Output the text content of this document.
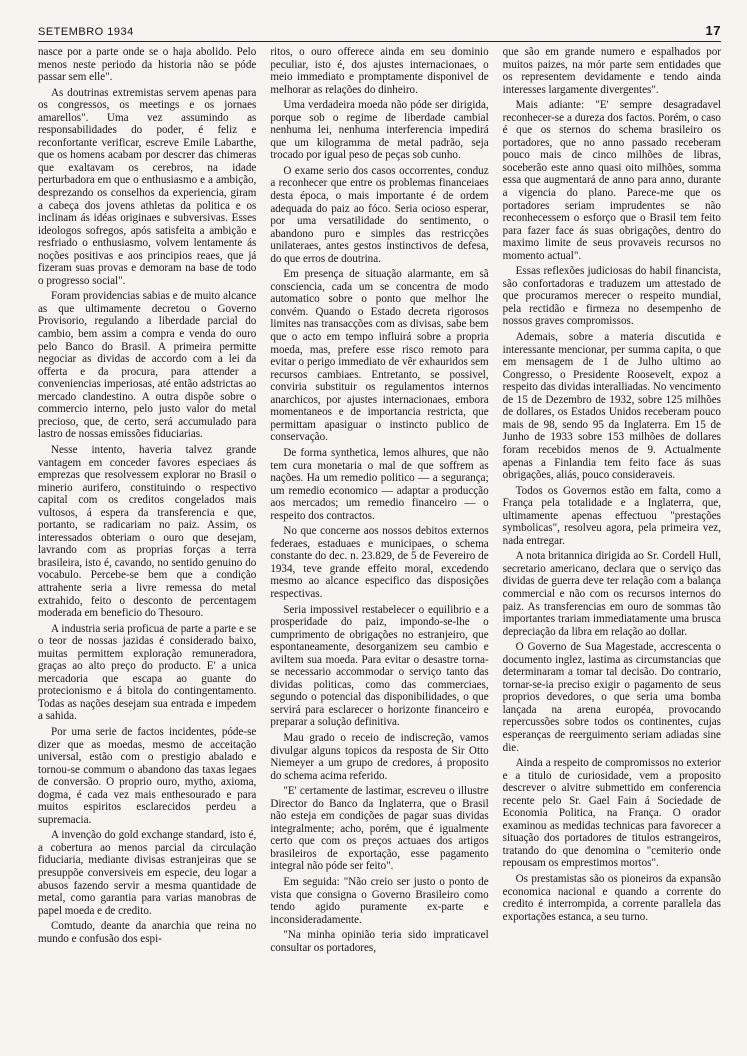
SETEMBRO 1934	17

nasce por a parte onde se o haja abolido. Pelo menos neste periodo da historia não se póde passar sem elle".

As doutrinas extremistas servem apenas para os congressos, os meetings e os jornaes amarellos". Uma vez assumindo as responsabilidades do poder, é feliz e reconfortante verificar, escreve Emile Labarthe, que os homens acabam por descrer das chimeras que exaltavam os cerebros, na idade perturbadora em que o enthusiasmo e a ambição, desprezando os conselhos da experiencia, giram a cabeça dos jovens athletas da politica e os inclinam ás idéas originaes e subversivas. Esses ideologos sofregos, após satisfeita a ambição e resfriado o enthusiasmo, volvem lentamente ás noções positivas e aos principios reaes, que já fizeram suas provas e demoram na base de todo o progresso social".

Foram providencias sabias e de muito alcance as que ultimamente decretou o Governo Provisorio, regulando a liberdade parcial do cambio, bem assim a compra e venda do ouro pelo Banco do Brasil. A primeira permitte negociar as dividas de accordo com a lei da offerta e da procura, para attender a conveniencias imperiosas, até então adstrictas ao mercado clandestino. A outra dispõe sobre o commercio interno, pelo justo valor do metal precioso, que, de certo, será accumulado para lastro de nossas emissões fiduciarias.

Nesse intento, haveria talvez grande vantagem em conceder favores especiaes ás emprezas que resolvessem explorar no Brasil o minerio aurifero, constituindo o respectivo capital com os creditos congelados mais vultosos, á espera da transferencia e que, portanto, se radicariam no paiz. Assim, os interessados obteriam o ouro que desejam, lavrando com as proprias forças a terra brasileira, isto é, cavando, no sentido genuino do vocabulo. Percebe-se bem que a condição attrahente seria a livre remessa do metal extrahido, feito o desconto de percentagem moderada em beneficio do Thesouro.

A industria seria proficua de parte a parte e se o teor de nossas jazidas é considerado baixo, muitas permittem exploração remuneradora, graças ao alto preço do producto. E' a unica mercadoria que escapa ao guante do protecionismo e á bitola do contingentamento. Todas as nações desejam sua entrada e impedem a sahida.

Por uma serie de factos incidentes, póde-se dizer que as moedas, mesmo de acceitação universal, estão com o prestigio abalado e tornou-se commum o abandono das taxas legaes de conversão. O proprio ouro, mytho, axioma, dogma, é cada vez mais enthesourado e para muitos espiritos esclarecidos perdeu a supremacia.

A invenção do gold exchange standard, isto é, a cobertura ao menos parcial da circulação fiduciaria, mediante divisas estranjeiras que se presuppõe conversiveis em especie, deu logar a abusos fazendo servir a mesma quantidade de metal, como garantia para varias manobras de papel moeda e de credito.

Comtudo, deante da anarchia que reina no mundo e confusão dos espi-

ritos, o ouro offerece ainda em seu dominio peculiar, isto é, dos ajustes internacionaes, o meio immediato e promptamente disponivel de melhorar as relações do dinheiro.

Uma verdadeira moeda não póde ser dirigida, porque sob o regime de liberdade cambial nenhuma lei, nenhuma interferencia impedirá que um kilogramma de metal padrão, seja trocado por igual peso de peças sob cunho.

O exame serio dos casos occorrentes, conduz a reconhecer que entre os problemas financeiaes desta época, o mais importante é de ordem adequada do paiz ao fóco. Seria ocioso esperar, por uma versatilidade do sentimento, o abandono puro e simples das restricções unilateraes, antes gestos instinctivos de defesa, do que erros de doutrina.

Em presença de situação alarmante, em sã consciencia, cada um se concentra de modo automatico sobre o ponto que melhor lhe convém. Quando o Estado decreta rigorosos limites nas transacções com as divisas, sabe bem que o acto em tempo influirá sobre a propria moeda, mas, prefere esse risco remoto para evitar o perigo immediato de vêr exhauridos sem recursos cambiaes. Entretanto, se possivel, conviria substituir os regulamentos internos anarchicos, por ajustes internacionaes, embora momentaneos e de importancia restricta, que permittam apasiguar o instincto publico de conservação.

De forma synthetica, lemos alhures, que não tem cura monetaria o mal de que soffrem as nações. Ha um remedio politico — a segurança; um remedio economico — adaptar a producção aos mercados; um remedio financeiro — o respeito dos contractos.

No que concerne aos nossos debitos externos federaes, estaduaes e municipaes, o schema constante do dec. n. 23.829, de 5 de Fevereiro de 1934, teve grande effeito moral, excedendo mesmo ao alcance especifico das disposições respectivas.

Seria impossivel restabelecer o equilibrio e a prosperidade do paiz, impondo-se-lhe o cumprimento de obrigações no estranjeiro, que espontaneamente, desorganizem seu cambio e aviltem sua moeda. Para evitar o desastre torna-se necessario accommodar o serviço tanto das dividas politicas, como das commerciaes, segundo o potencial das disponibilidades, o que servirá para esclarecer o horizonte financeiro e preparar a solução definitiva.

Mau grado o receio de indiscreção, vamos divulgar alguns topicos da resposta de Sir Otto Niemeyer a um grupo de credores, á proposito do schema acima referido.

"E' certamente de lastimar, escreveu o illustre Director do Banco da Inglaterra, que o Brasil não esteja em condições de pagar suas dividas integralmente; acho, porém, que é igualmente certo que com os preços actuaes dos artigos brasileiros de exportação, esse pagamento integral não póde ser feito".

Em seguida: "Não creio ser justo o ponto de vista que consigna o Governo Brasileiro como tendo agido puramente ex-parte e inconsideradamente.

"Na minha opinião teria sido impraticavel consultar os portadores,

que são em grande numero e espalhados por muitos paizes, na mór parte sem entidades que os representem devidamente e tendo ainda interesses largamente divergentes".

Mais adiante: "E' sempre desagradavel reconhecer-se a dureza dos factos. Porém, o caso é que os sternos do schema brasileiro os portadores, que no anno passado receberam pouco mais de cinco milhões de libras, soceberão este anno quasi oito milhões, somma essa que augmentará de anno para anno, durante a vigencia do plano. Parece-me que os portadores seriam imprudentes se não reconhecessem o esforço que o Brasil tem feito para fazer face ás suas obrigações, dentro do maximo limite de seus provaveis recursos no momento actual".

Essas reflexões judiciosas do habil financista, são confortadoras e traduzem um attestado de que procuramos merecer o respeito mundial, pela rectidão e firmeza no desempenho de nossos graves compromissos.

Ademais, sobre a materia discutida e interessante mencionar, per summa capita, o que em mensagem de 1 de Julho ultimo ao Congresso, o Presidente Roosevelt, expoz a respeito das dividas interalliadas. No vencimento de 15 de Dezembro de 1932, sobre 125 milhões de dollares, os Estados Unidos receberam pouco mais de 98, sendo 95 da Inglaterra. Em 15 de Junho de 1933 sobre 153 milhões de dollares foram recebidos menos de 9. Actualmente apenas a Finlandia tem feito face ás suas obrigações, aliás, pouco consideraveis.

Todos os Governos estão em falta, como a França pela totalidade e a Inglaterra, que, ultimamente apenas effectuou "prestações symbolicas", resolveu agora, pela primeira vez, nada entregar.

A nota britannica dirigida ao Sr. Cordell Hull, secretario americano, declara que o serviço das dividas de guerra deve ter relação com a balança commercial e não com os recursos internos do paiz. As transferencias em ouro de sommas tão importantes trariam immediatamente uma brusca depreciação da libra em relação ao dollar.

O Governo de Sua Magestade, accrescenta o documento inglez, lastima as circumstancias que determinaram a tomar tal decisão. Do contrario, tornar-se-ia preciso exigir o pagamento de seus proprios devedores, o que seria uma bomba lançada na arena européa, provocando repercussões sobre todos os continentes, cujas esperanças de reerguimento seriam adiadas sine die.

Ainda a respeito de compromissos no exterior e a titulo de curiosidade, vem a proposito descrever o alvitre submettido em conferencia recente pelo Sr. Gael Fain á Sociedade de Economia Politica, na França. O orador examinou as medidas technicas para favorecer a situação dos portadores de titulos estrangeiros, tratando do que denomina o "cemiterio onde repousam os emprestimos mortos".

Os prestamistas são os pioneiros da expansão economica nacional e quando a corrente do credito é interrompida, a corrente parallela das exportações estanca, a seu turno.
